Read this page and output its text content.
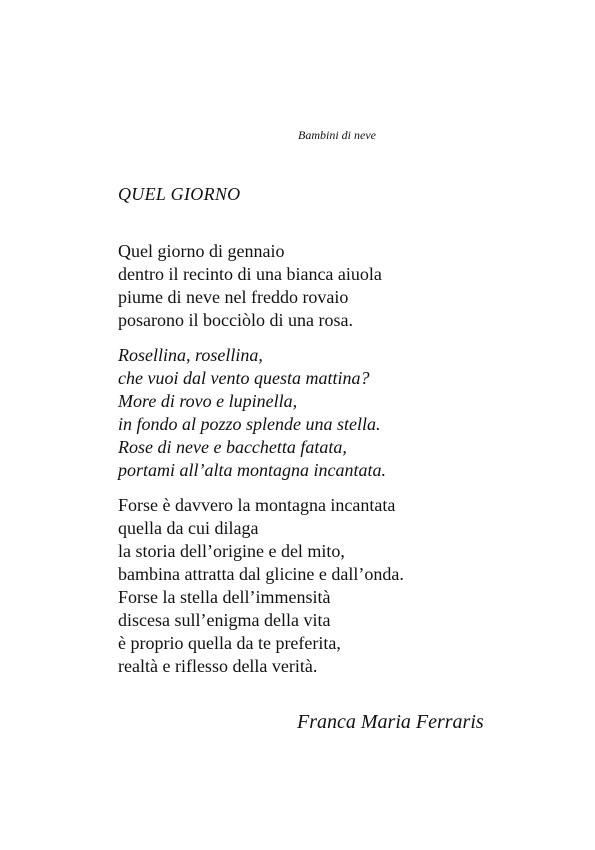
Bambini di neve
QUEL GIORNO
Quel giorno di gennaio
dentro il recinto di una bianca aiuola
piume di neve nel freddo rovaio
posarono il bocciòlo di una rosa.
Rosellina, rosellina,
che vuoi dal vento questa mattina?
More di rovo e lupinella,
in fondo al pozzo splende una stella.
Rose di neve e bacchetta fatata,
portami all’alta montagna incantata.
Forse è davvero la montagna incantata
quella da cui dilaga
la storia dell’origine e del mito,
bambina attratta dal glicine e dall’onda.
Forse la stella dell’immensità
discesa sull’enigma della vita
è proprio quella da te preferita,
realtà e riflesso della verità.
Franca Maria Ferraris
